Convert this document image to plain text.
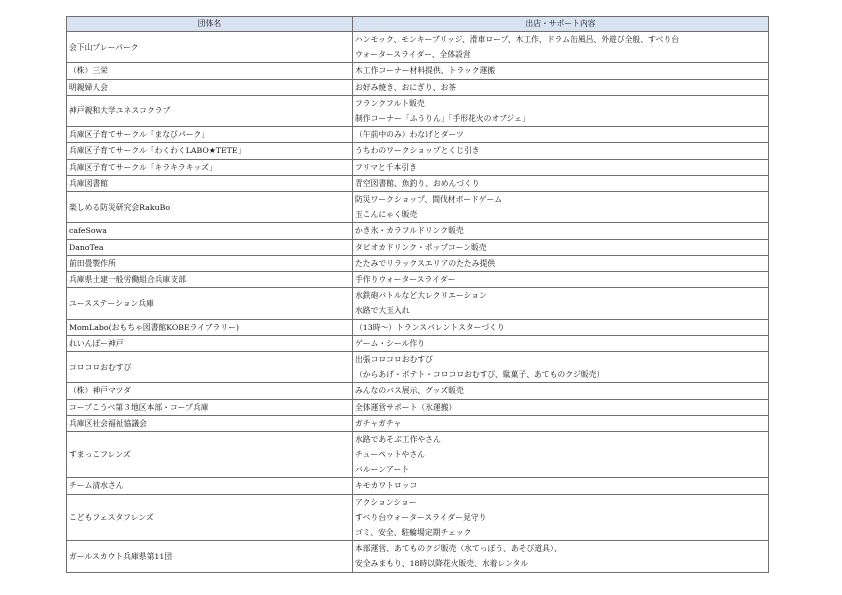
団体名	出店・サポート内容
会下山プレーパーク	ハンモック、モンキーブリッジ、滑車ロープ、木工作、ドラム缶風呂、外遊び全般、すべり台
ウォータースライダー、全体設営

（株）三栄	木工作コーナー材料提供、トラック運搬

明親婦人会	お好み焼き、おにぎり、お茶

神戸親和大学ユネスコクラブ	フランクフルト販売
制作コーナー「ふうりん」「手形花火のオブジェ」

兵庫区子育てサークル「まなびパーク」	（午前中のみ）わなげとダーツ

兵庫区子育てサークル「わくわくLABO★TETE」	うちわのワークショップとくじ引き

兵庫区子育てサークル「キラキラキッズ」	フリマと千本引き

兵庫図書館	青空図書館、魚釣り、おめんづくり

楽しめる防災研究会RakuBo	防災ワークショップ、間伐材ボードゲーム
玉こんにゃく販売

cafeSowa	かき氷・カラフルドリンク販売

DanoTea	タピオカドリンク・ポップコーン販売

前田畳製作所	たたみでリラックスエリアのたたみ提供

兵庫県土建一般労働組合兵庫支部	手作りウォータースライダー

ユースステーション兵庫	水鉄砲バトルなど大レクリエーション
水路で大玉入れ

MomLabo(おもちゃ図書館KOBEライブラリー)	（13時～）トランスパレントスターづくり

れいんぼー神戸	ゲーム・シール作り

コロコロおむすび	出張コロコロおむすび
（からあげ・ポテト・コロコロおむすび、駄菓子、あてものクジ販売）

（株）神戸マツダ	みんなのバス展示、グッズ販売

コープこうべ第３地区本部・コープ兵庫	全体運営サポート（氷運搬）

兵庫区社会福祉協議会	ガチャガチャ

すまっこフレンズ	水路であそぶ工作やさん
チューペットやさん
バルーンアート

チーム清水さん	キモカワトロッコ

こどもフェスタフレンズ	アクションショー
すべり台ウォータースライダー見守り
ゴミ、安全、駐輪場定期チェック

ガールスカウト兵庫県第11団	本部運営、あてものクジ販売（水てっぽう、あそび道具）、
安全みまもり、18時以降花火販売、水着レンタル
